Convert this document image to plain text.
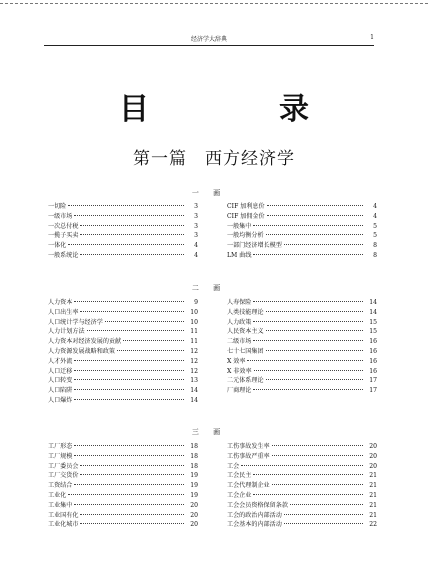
经济学大辞典	1
目　录
第一篇　西方经济学
一 画
一切险	3
一级市场	3
一次总付税	3
一揽子买卖	3
一体化	4
一般系统论	4
CIF 加利息价	4
CIF 加佣金价	4
一般集中	5
一般均衡分析	5
一部门经济增长模型	8
LM 曲线	8
二 画
人力资本	9
人口出生率	10
人口统计学与经济学	10
人力计划方法	11
人力资本对经济发展的贡献	11
人力资源发展战略和政策	12
人才外流	12
人口迁移	12
人口转变	13
人口陷阱	14
人口爆炸	14
人寿保险	14
人类技能理论	14
人力政策	15
人民资本主义	15
二级市场	16
七十七国集团	16
X 效率	16
X 非效率	16
二元体系理论	17
厂商理论	17
三 画
工厂形态	18
工厂规模	18
工厂委员会	18
工厂交货价	19
工资结合	19
工业化	19
工业集中	20
工业国有化	20
工业化城市	20
工伤事故发生率	20
工伤事故严重率	20
工会	20
工会民主	21
工会代理制企业	21
工会企业	21
工会会员资格保留条款	21
工会的政治内部活动	21
工会基本的内部活动	22
